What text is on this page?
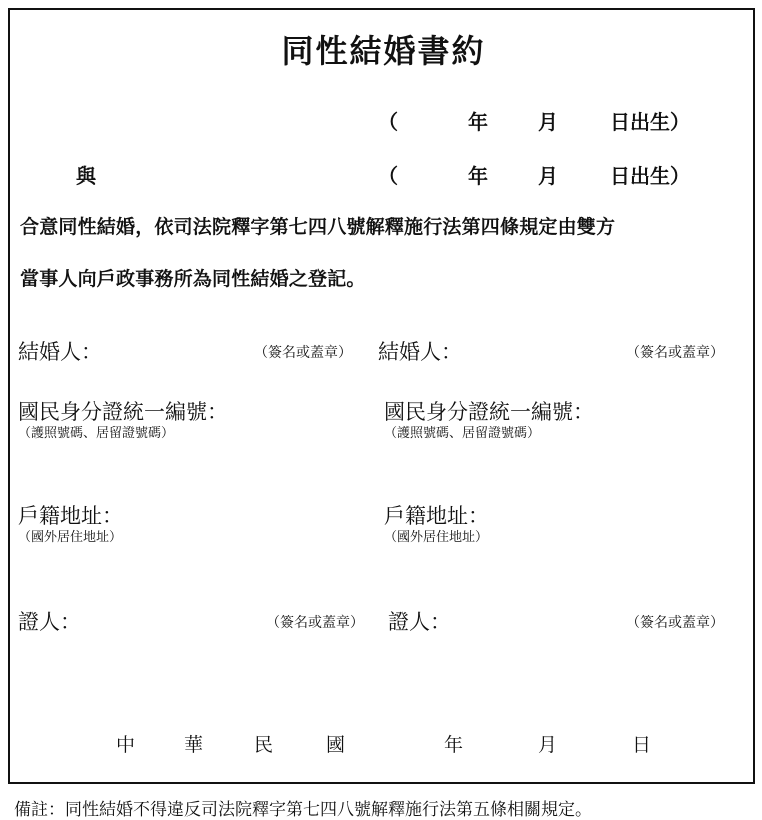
同性結婚書約
（	年	月	日出生）
與	（	年	月	日出生）
合意同性結婚，依司法院釋字第七四八號解釋施行法第四條規定由雙方
當事人向戶政事務所為同性結婚之登記。
結婚人：	（簽名或蓋章） 結婚人：	（簽名或蓋章）
國民身分證統一編號：
（護照號碼、居留證號碼）
國民身分證統一編號：
（護照號碼、居留證號碼）
戶籍地址：
（國外居住地址）
戶籍地址：
（國外居住地址）
證人：	（簽名或蓋章） 證人：	（簽名或蓋章）
中	華	民	國	年	月	日
備註：同性結婚不得違反司法院釋字第七四八號解釋施行法第五條相關規定。
